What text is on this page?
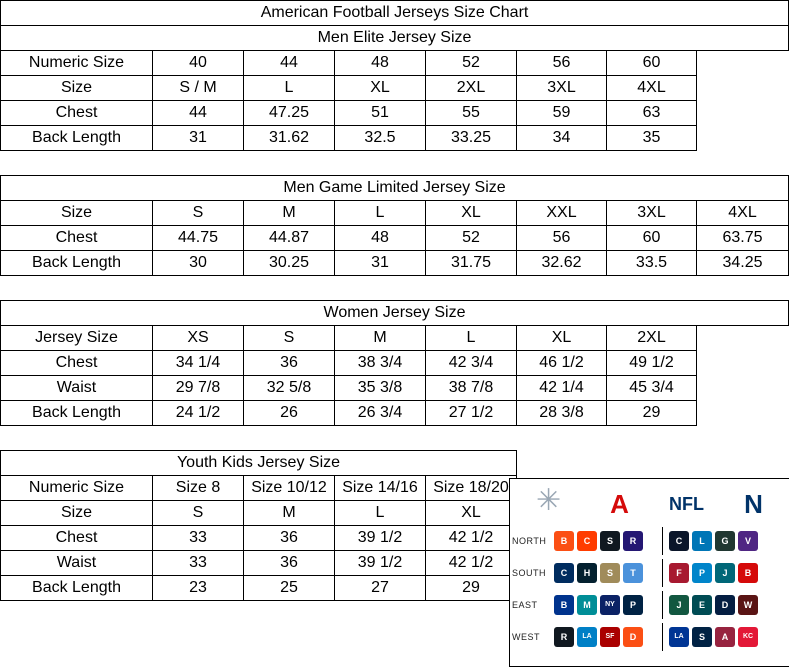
American Football Jerseys Size Chart							
Men Elite Jersey Size							
Numeric Size	40	44	48	52	56	60	
Size	S / M	L	XL	2XL	3XL	4XL	
Chest	44	47.25	51	55	59	63	
Back Length	31	31.62	32.5	33.25	34	35	

Men Game Limited Jersey Size							
Size	S	M	L	XL	XXL	3XL	4XL
Chest	44.75	44.87	48	52	56	60	63.75
Back Length	30	30.25	31	31.75	32.62	33.5	34.25

Women Jersey Size							
Jersey Size	XS	S	M	L	XL	2XL	
Chest	34 1/4	36	38 3/4	42 3/4	46 1/2	49 1/2	
Waist	29 7/8	32 5/8	35 3/8	38 7/8	42 1/4	45 3/4	
Back Length	24 1/2	26	26 3/4	27 1/2	28 3/8	29	

Youth Kids Jersey Size							
Numeric Size	Size 8	Size 10/12	Size 14/16	Size 18/20			
Size	S	M	L	XL			
Chest	33	36	39 1/2	42 1/2			
Waist	33	36	39 1/2	42 1/2			
Back Length	23	25	27	29			
✳
A NFL N
NORTH	B	C	S	R	C	L	G	V
SOUTH	C	H	S	T	F	P	J	B
EAST	B	M	NY	P	J	E	D	W
WEST	R	LA	SF	D	LA	S	A	KC
